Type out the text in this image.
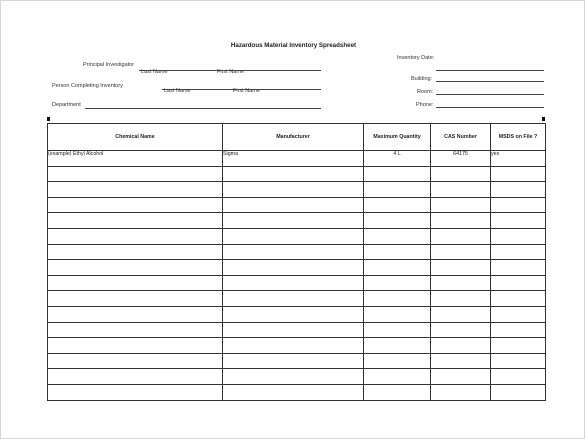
Hazardous Material Inventory Spreadsheet
Principal Investigator
Last Name	First Name
Person Completing Inventory
Last Name	First Name
Department
Inventory Date:
Building:
Room:
Phone:
Chemical Name	Manufacturer	Maximum Quantity	CAS Number	MSDS on File ?
(example) Ethyl Alcohol	Sigma	4 L	64175	yes
